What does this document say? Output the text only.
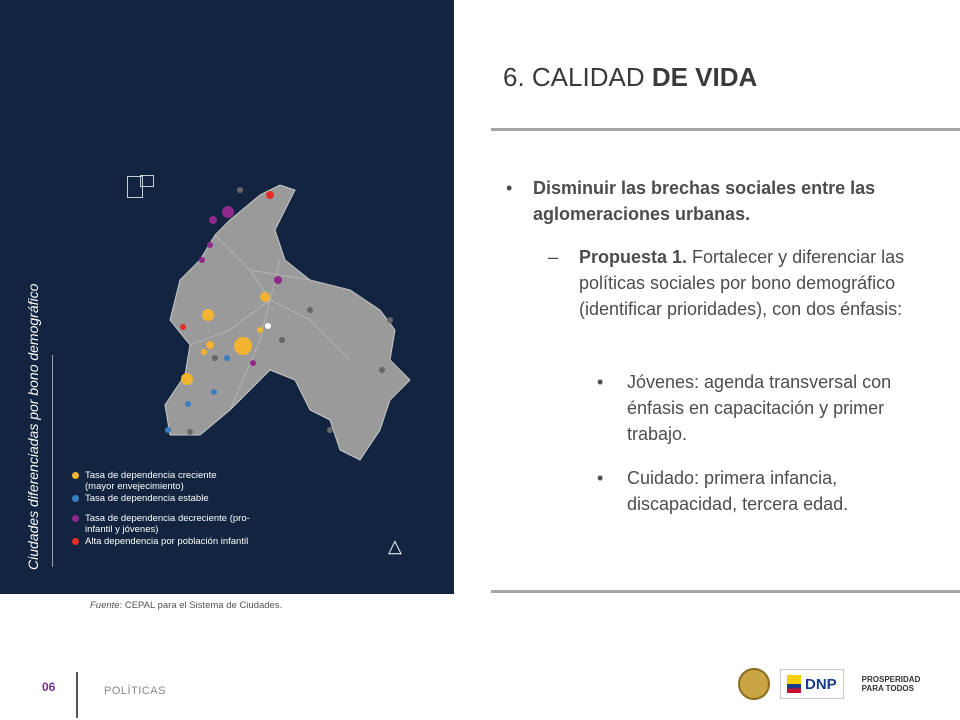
Ciudades diferenciadas por bono demográfico	Tasa de dependencia creciente (mayor envejecimiento)
Tasa de dependencia estable
Tasa de dependencia decreciente (pro-infantil y jóvenes)
Alta dependencia por población infantil	△
Fuente: CEPAL para el Sistema de Ciudades.
6. CALIDAD DE VIDA
•	Disminuir las brechas sociales entre las aglomeraciones urbanas.
–	Propuesta 1. Fortalecer y diferenciar las políticas sociales por bono demográfico (identificar prioridades), con dos énfasis:
•	Jóvenes: agenda transversal con énfasis en capacitación y primer trabajo.
•	Cuidado: primera infancia, discapacidad, tercera edad.
06	POLÍTICAS	DNP	PROSPERIDAD
PARA TODOS
